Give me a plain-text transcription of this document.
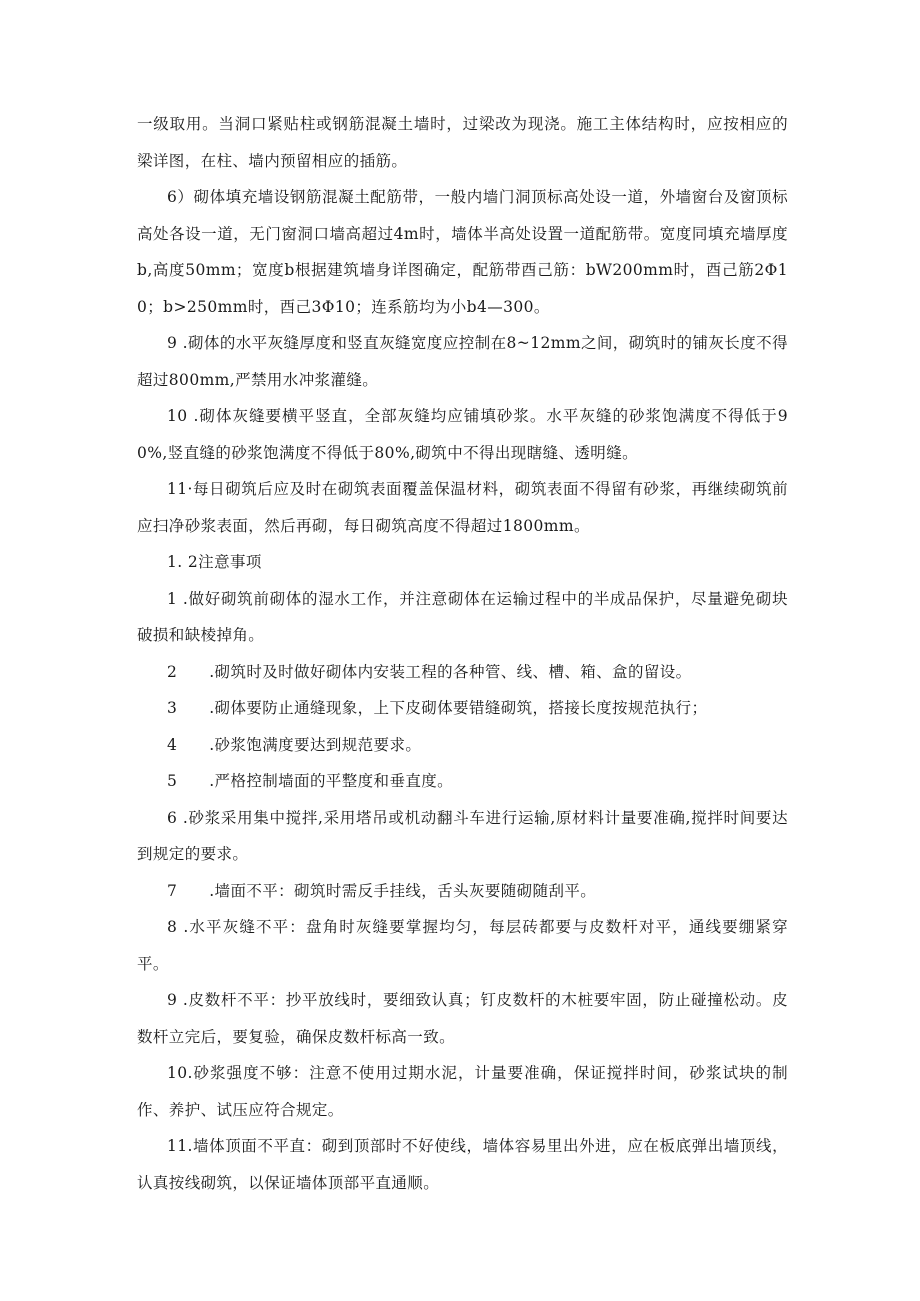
一级取用。当洞口紧贴柱或钢筋混凝土墙时，过梁改为现浇。施工主体结构时，应按相应的梁详图，在柱、墙内预留相应的插筋。

6）砌体填充墙设钢筋混凝土配筋带，一般内墙门洞顶标高处设一道，外墙窗台及窗顶标高处各设一道，无门窗洞口墙高超过4m时，墙体半高处设置一道配筋带。宽度同填充墙厚度b,高度50mm；宽度b根据建筑墙身详图确定，配筋带酉己筋：bW200mm时，酉己筋2Φ10；b>250mm时，酉己3Φ10；连系筋均为小b4—300。

9 .砌体的水平灰缝厚度和竖直灰缝宽度应控制在8~12mm之间，砌筑时的铺灰长度不得超过800mm,严禁用水冲浆灌缝。

10 .砌体灰缝要横平竖直，全部灰缝均应铺填砂浆。水平灰缝的砂浆饱满度不得低于90%,竖直缝的砂浆饱满度不得低于80%,砌筑中不得出现瞎缝、透明缝。

11·每日砌筑后应及时在砌筑表面覆盖保温材料，砌筑表面不得留有砂浆，再继续砌筑前应扫净砂浆表面，然后再砌，每日砌筑高度不得超过1800mm。

1. 2注意事项

1 .做好砌筑前砌体的湿水工作，并注意砌体在运输过程中的半成品保护，尽量避免砌块破损和缺棱掉角。

2      .砌筑时及时做好砌体内安装工程的各种管、线、槽、箱、盒的留设。

3      .砌体要防止通缝现象，上下皮砌体要错缝砌筑，搭接长度按规范执行；

4      .砂浆饱满度要达到规范要求。

5      .严格控制墙面的平整度和垂直度。

6 .砂浆采用集中搅拌,采用塔吊或机动翻斗车进行运输,原材料计量要准确,搅拌时间要达到规定的要求。

7      .墙面不平：砌筑时需反手挂线，舌头灰要随砌随刮平。

8 .水平灰缝不平：盘角时灰缝要掌握均匀，每层砖都要与皮数杆对平，通线要绷紧穿平。

9 .皮数杆不平：抄平放线时，要细致认真；钉皮数杆的木桩要牢固，防止碰撞松动。皮数杆立完后，要复验，确保皮数杆标高一致。

10.砂浆强度不够：注意不使用过期水泥，计量要准确，保证搅拌时间，砂浆试块的制作、养护、试压应符合规定。

11.墙体顶面不平直：砌到顶部时不好使线，墙体容易里出外进，应在板底弹出墙顶线，认真按线砌筑，以保证墙体顶部平直通顺。
